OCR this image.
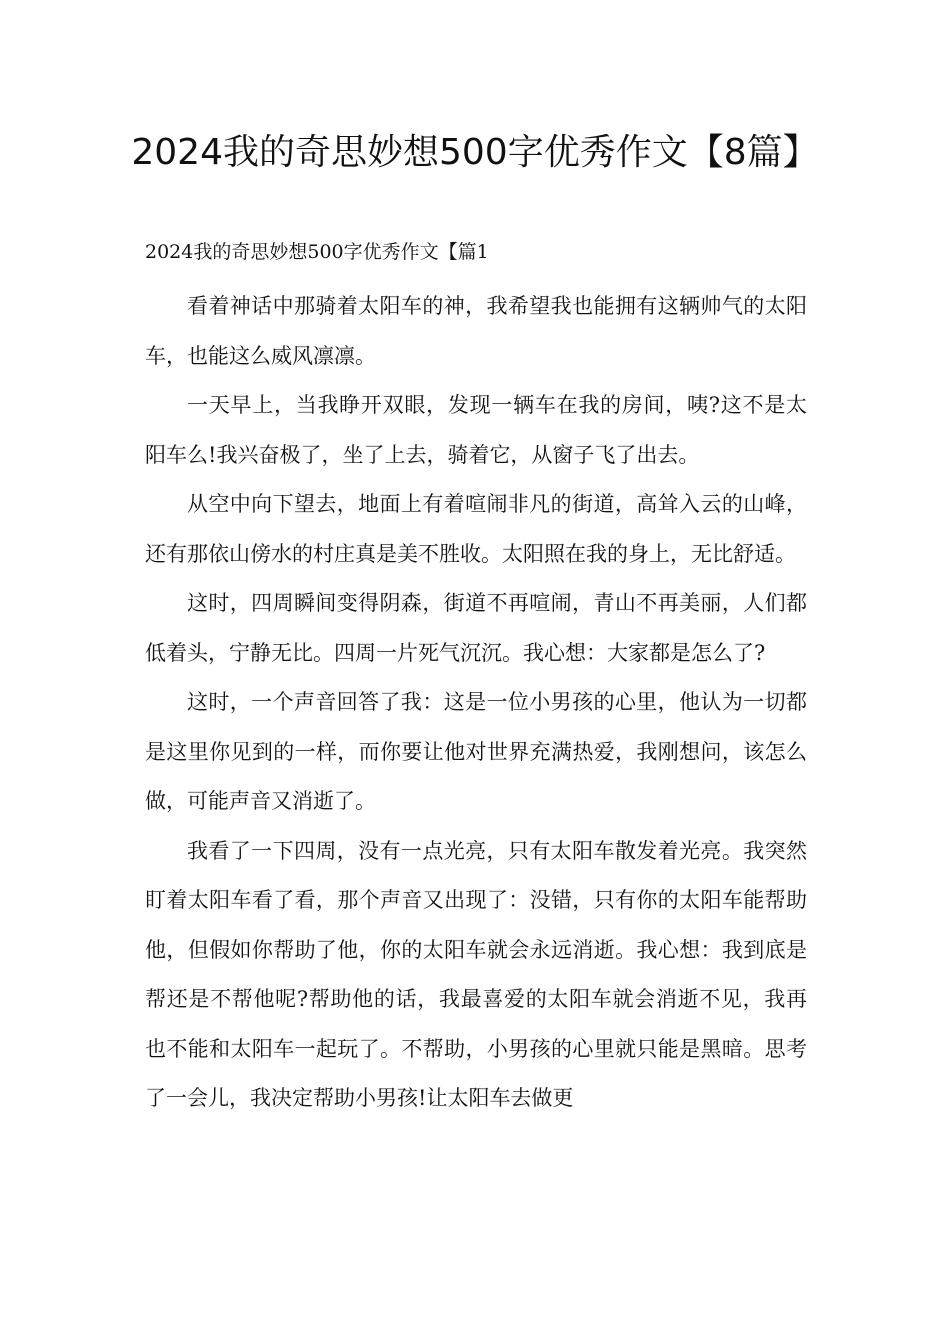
2024我的奇思妙想500字优秀作文【8篇】
2024我的奇思妙想500字优秀作文【篇1

看着神话中那骑着太阳车的神，我希望我也能拥有这辆帅气的太阳车，也能这么威风凛凛。

一天早上，当我睁开双眼，发现一辆车在我的房间，咦?这不是太阳车么!我兴奋极了，坐了上去，骑着它，从窗子飞了出去。

从空中向下望去，地面上有着喧闹非凡的街道，高耸入云的山峰，还有那依山傍水的村庄真是美不胜收。太阳照在我的身上，无比舒适。

这时，四周瞬间变得阴森，街道不再喧闹，青山不再美丽，人们都低着头，宁静无比。四周一片死气沉沉。我心想：大家都是怎么了?

这时，一个声音回答了我：这是一位小男孩的心里，他认为一切都是这里你见到的一样，而你要让他对世界充满热爱，我刚想问，该怎么做，可能声音又消逝了。

我看了一下四周，没有一点光亮，只有太阳车散发着光亮。我突然盯着太阳车看了看，那个声音又出现了：没错，只有你的太阳车能帮助他，但假如你帮助了他，你的太阳车就会永远消逝。我心想：我到底是帮还是不帮他呢?帮助他的话，我最喜爱的太阳车就会消逝不见，我再也不能和太阳车一起玩了。不帮助，小男孩的心里就只能是黑暗。思考了一会儿，我决定帮助小男孩!让太阳车去做更
